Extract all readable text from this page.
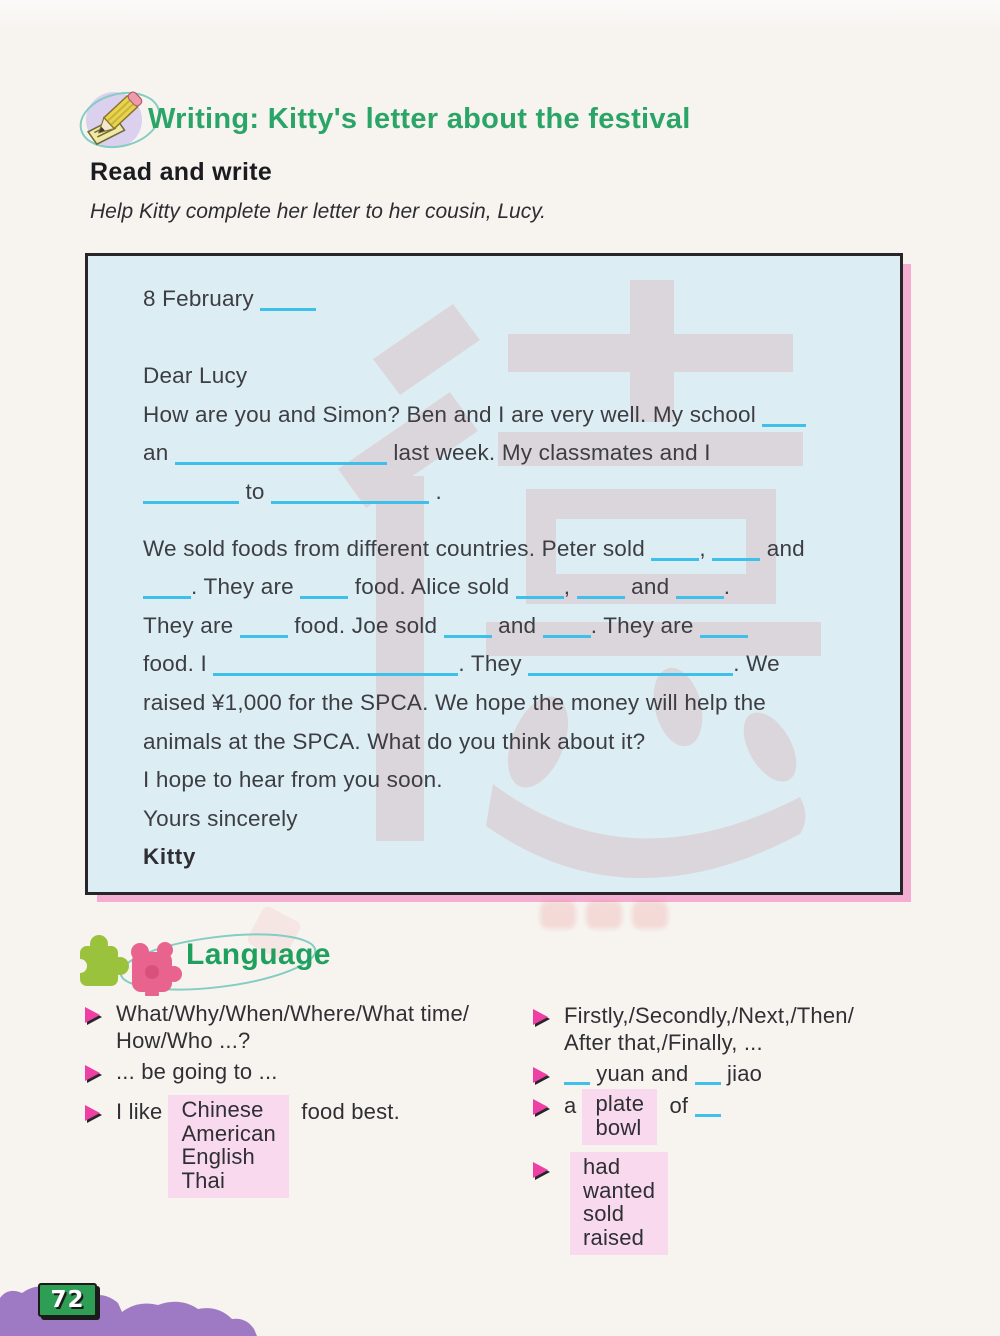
Writing: Kitty's letter about the festival
Read and write
Help Kitty complete her letter to her cousin, Lucy.
8 February
Dear Lucy
How are you and Simon? Ben and I are very well. My school
an	last week. My classmates and I
to	.
We sold foods from different countries. Peter sold ,  and
. They are  food. Alice sold ,  and .
They are  food. Joe sold  and . They are
food. I	. They	. We
raised ¥1,000 for the SPCA. We hope the money will help the
animals at the SPCA. What do you think about it?
I hope to hear from you soon.
Yours sincerely
Kitty
Language
72
What/Why/When/Where/What time/
How/Who ...?
... be going to ...
I like Chinese
American
English
Thai
food best.
Firstly,/Secondly,/Next,/Then/
After that,/Finally, ...
yuan and  jiao
a plate
bowl
of
had
wanted
sold
raised
